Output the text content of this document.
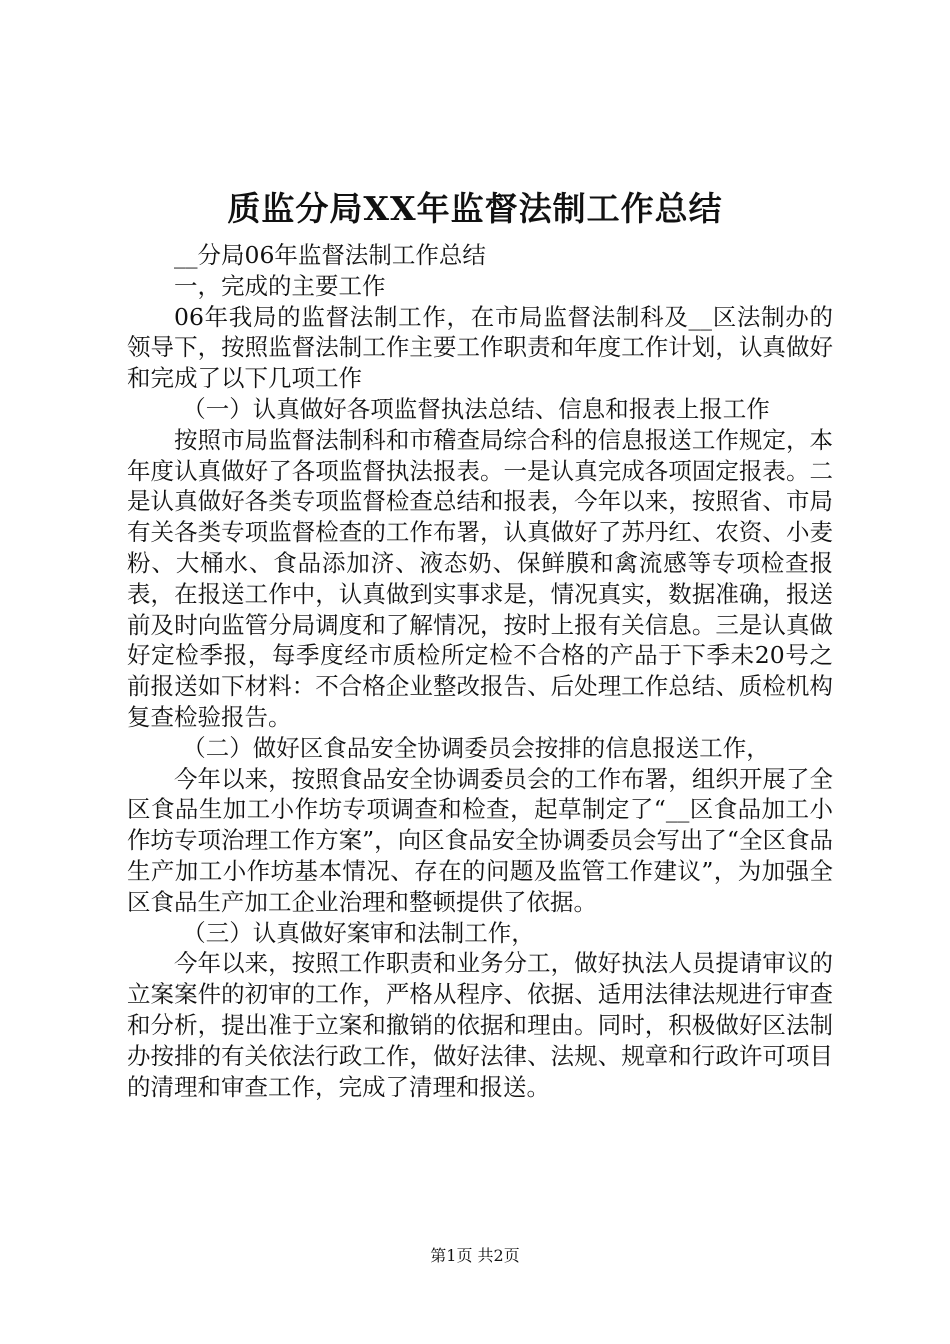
质监分局XX年监督法制工作总结

__分局06年监督法制工作总结

一，完成的主要工作

06年我局的监督法制工作，在市局监督法制科及__区法制办的领导下，按照监督法制工作主要工作职责和年度工作计划，认真做好和完成了以下几项工作

（一）认真做好各项监督执法总结、信息和报表上报工作

按照市局监督法制科和市稽查局综合科的信息报送工作规定，本年度认真做好了各项监督执法报表。一是认真完成各项固定报表。二是认真做好各类专项监督检查总结和报表，今年以来，按照省、市局有关各类专项监督检查的工作布署，认真做好了苏丹红、农资、小麦粉、大桶水、食品添加济、液态奶、保鲜膜和禽流感等专项检查报表，在报送工作中，认真做到实事求是，情况真实，数据准确，报送前及时向监管分局调度和了解情况，按时上报有关信息。三是认真做好定检季报，每季度经市质检所定检不合格的产品于下季未20号之前报送如下材料：不合格企业整改报告、后处理工作总结、质检机构复查检验报告。

（二）做好区食品安全协调委员会按排的信息报送工作，

今年以来，按照食品安全协调委员会的工作布署，组织开展了全区食品生加工小作坊专项调查和检查，起草制定了“__区食品加工小作坊专项治理工作方案”，向区食品安全协调委员会写出了“全区食品生产加工小作坊基本情况、存在的问题及监管工作建议”，为加强全区食品生产加工企业治理和整顿提供了依据。

（三）认真做好案审和法制工作，

今年以来，按照工作职责和业务分工，做好执法人员提请审议的立案案件的初审的工作，严格从程序、依据、适用法律法规进行审查和分析，提出准于立案和撤销的依据和理由。同时，积极做好区法制办按排的有关依法行政工作，做好法律、法规、规章和行政许可项目的清理和审查工作，完成了清理和报送。

第1页 共2页
